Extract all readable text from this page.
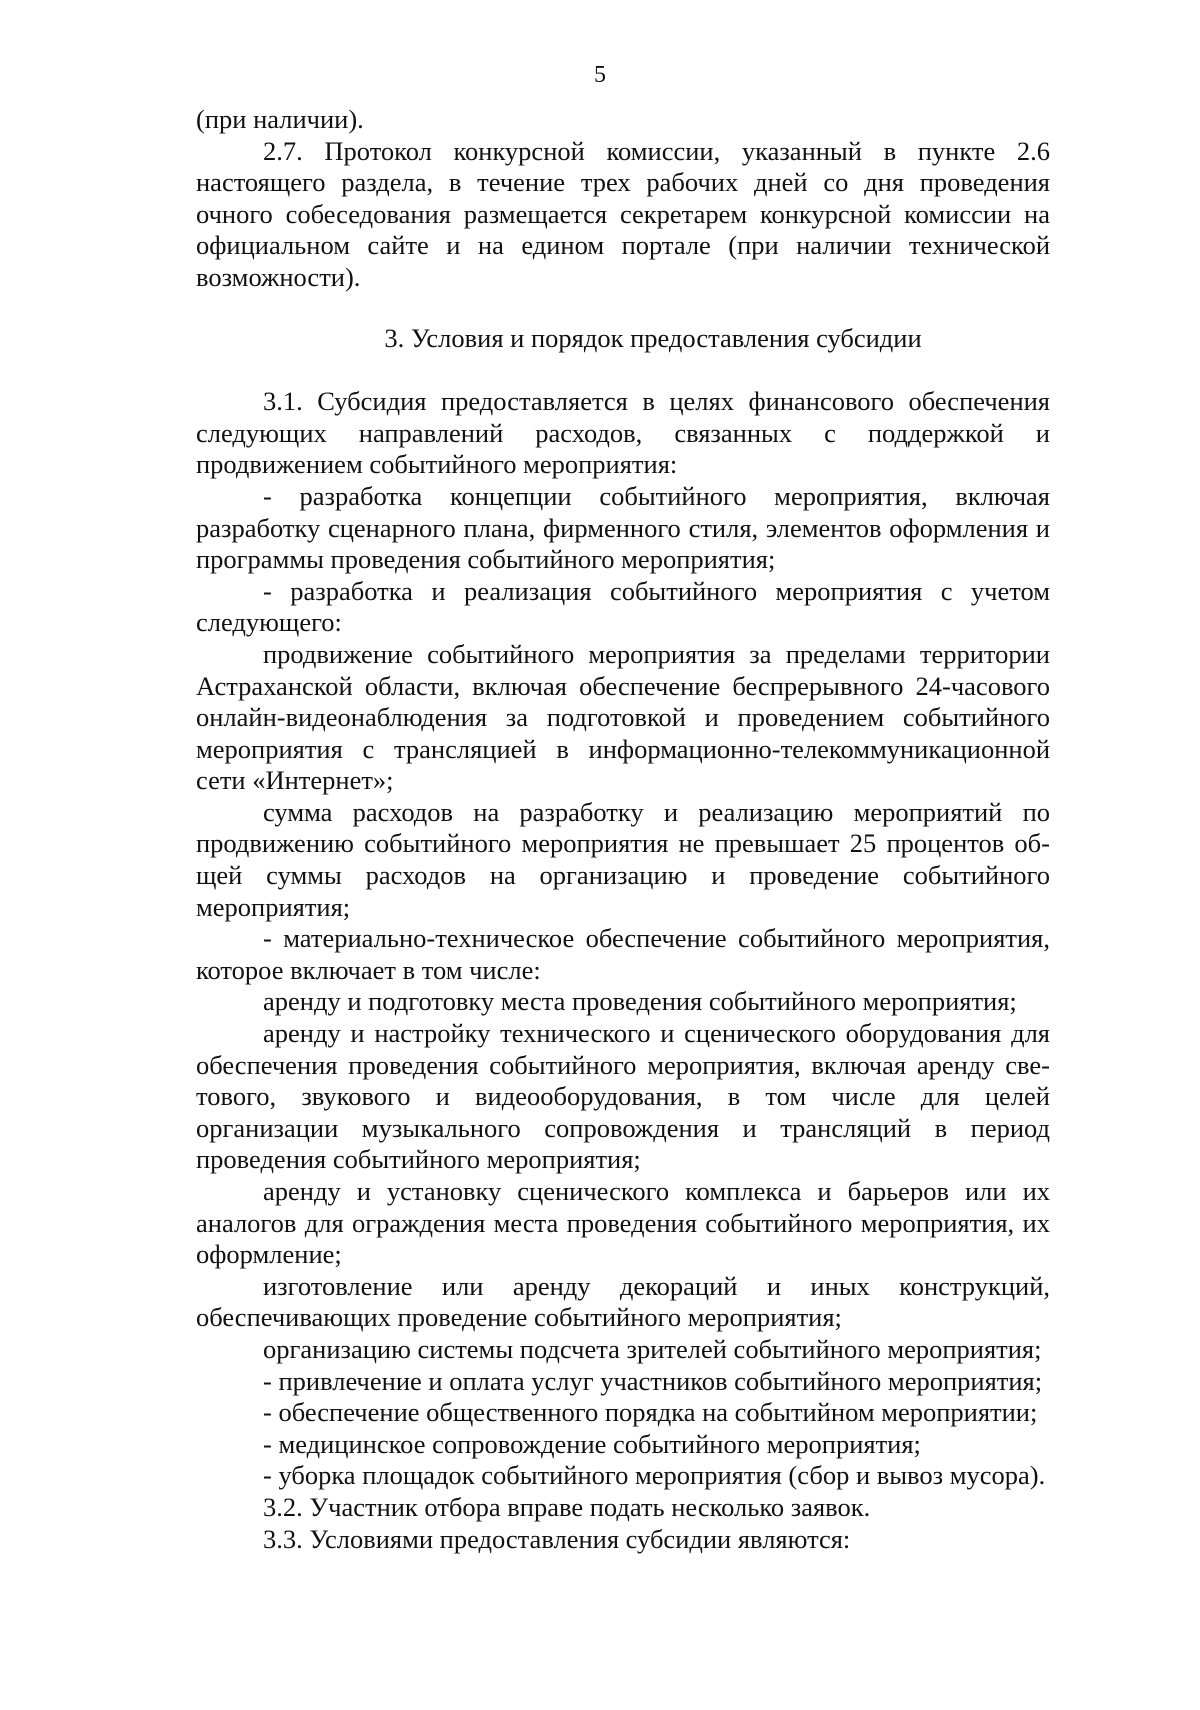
5

(при наличии).

2.7. Протокол конкурсной комиссии, указанный в пункте 2.6 настоящего раздела, в течение трех рабочих дней со дня проведения очного собеседования размещается секретарем конкурсной комиссии на официальном сайте и на едином портале (при наличии технической возможности).

3. Условия и порядок предоставления субсидии

3.1. Субсидия предоставляется в целях финансового обеспечения следующих направлений расходов, связанных с поддержкой и продвижением событийного мероприятия:

- разработка концепции событийного мероприятия, включая разработку сценарного плана, фирменного стиля, элементов оформления и программы проведения событийного мероприятия;

- разработка и реализация событийного мероприятия с учетом следующего:

продвижение событийного мероприятия за пределами территории Астраханской области, включая обеспечение беспрерывного 24-часового онлайн-видеонаблюдения за подготовкой и проведением событийного мероприятия с трансляцией в информационно-телекоммуникационной сети «Интернет»;

сумма расходов на разработку и реализацию мероприятий по продвижению событийного мероприятия не превышает 25 процентов общей суммы расходов на организацию и проведение событийного мероприятия;

- материально-техническое обеспечение событийного мероприятия, которое включает в том числе:

аренду и подготовку места проведения событийного мероприятия;

аренду и настройку технического и сценического оборудования для обеспечения проведения событийного мероприятия, включая аренду светового, звукового и видеооборудования, в том числе для целей организации музыкального сопровождения и трансляций в период проведения событийного мероприятия;

аренду и установку сценического комплекса и барьеров или их аналогов для ограждения места проведения событийного мероприятия, их оформление;

изготовление или аренду декораций и иных конструкций, обеспечивающих проведение событийного мероприятия;

организацию системы подсчета зрителей событийного мероприятия;

- привлечение и оплата услуг участников событийного мероприятия;

- обеспечение общественного порядка на событийном мероприятии;

- медицинское сопровождение событийного мероприятия;

- уборка площадок событийного мероприятия (сбор и вывоз мусора).

3.2. Участник отбора вправе подать несколько заявок.

3.3. Условиями предоставления субсидии являются:
